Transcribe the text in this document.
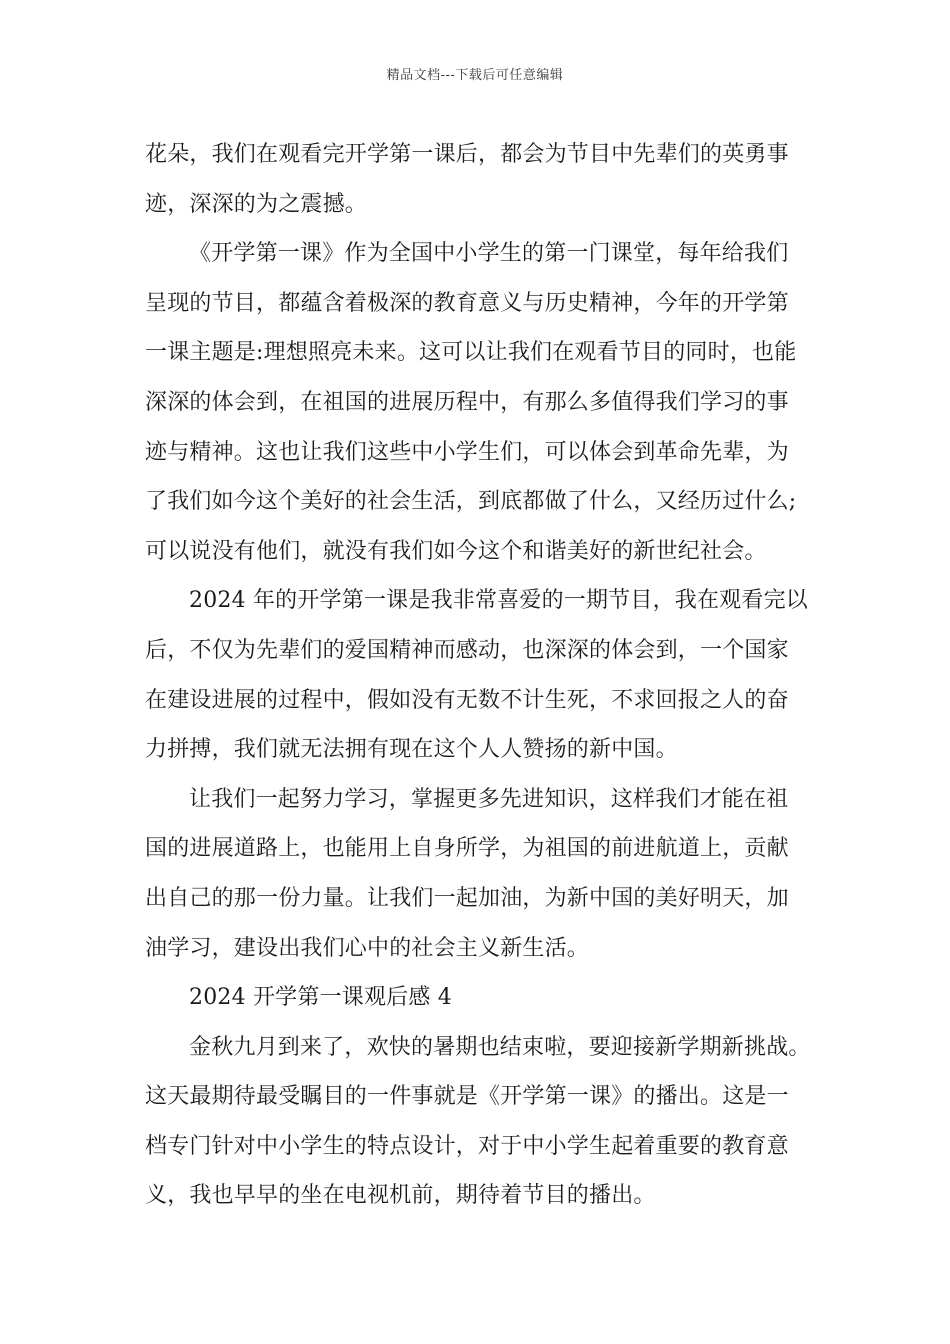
精品文档---下载后可任意编辑
花朵，我们在观看完开学第一课后，都会为节目中先辈们的英勇事
迹，深深的为之震撼。
《开学第一课》作为全国中小学生的第一门课堂，每年给我们
呈现的节目，都蕴含着极深的教育意义与历史精神，今年的开学第
一课主题是:理想照亮未来。这可以让我们在观看节目的同时，也能
深深的体会到，在祖国的进展历程中，有那么多值得我们学习的事
迹与精神。这也让我们这些中小学生们，可以体会到革命先辈，为
了我们如今这个美好的社会生活，到底都做了什么，又经历过什么;
可以说没有他们，就没有我们如今这个和谐美好的新世纪社会。
2024 年的开学第一课是我非常喜爱的一期节目，我在观看完以
后，不仅为先辈们的爱国精神而感动，也深深的体会到，一个国家
在建设进展的过程中，假如没有无数不计生死，不求回报之人的奋
力拼搏，我们就无法拥有现在这个人人赞扬的新中国。
让我们一起努力学习，掌握更多先进知识，这样我们才能在祖
国的进展道路上，也能用上自身所学，为祖国的前进航道上，贡献
出自己的那一份力量。让我们一起加油，为新中国的美好明天，加
油学习，建设出我们心中的社会主义新生活。
2024 开学第一课观后感 4
金秋九月到来了，欢快的暑期也结束啦，要迎接新学期新挑战。
这天最期待最受瞩目的一件事就是《开学第一课》的播出。这是一
档专门针对中小学生的特点设计，对于中小学生起着重要的教育意
义，我也早早的坐在电视机前，期待着节目的播出。
